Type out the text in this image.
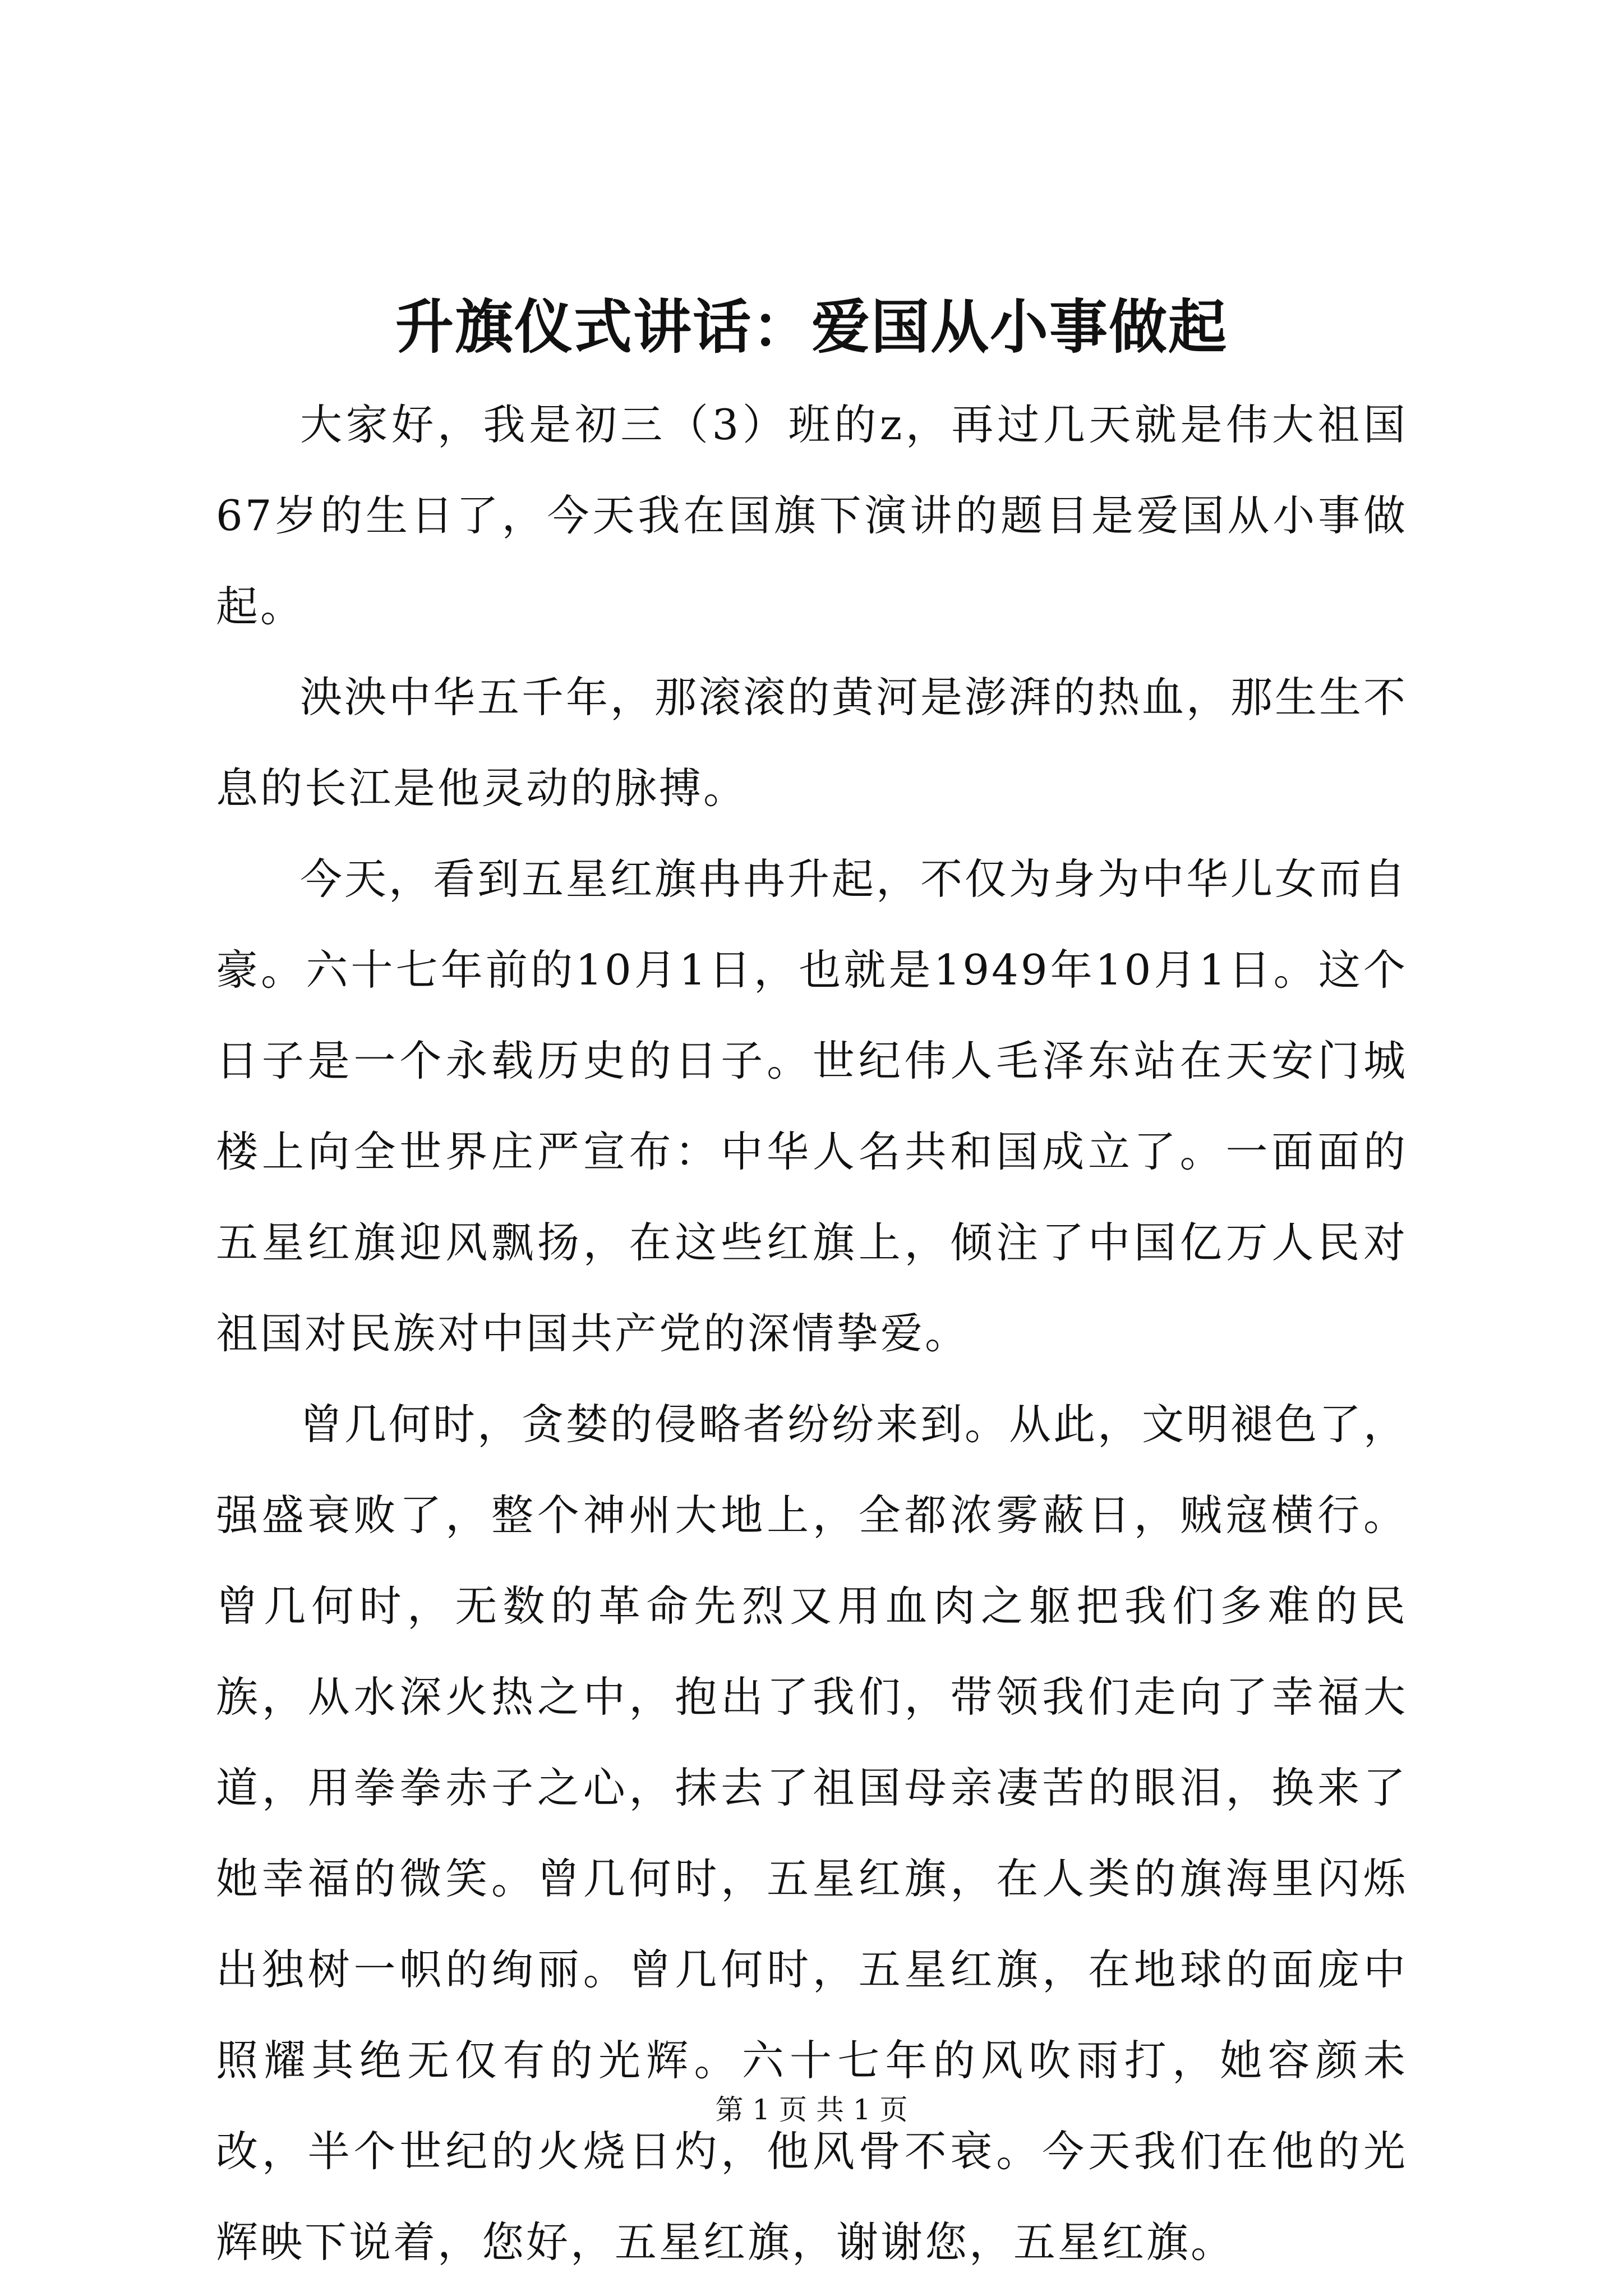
升旗仪式讲话：爱国从小事做起

大家好，我是初三（3）班的z，再过几天就是伟大祖国67岁的生日了，今天我在国旗下演讲的题目是爱国从小事做起。

泱泱中华五千年，那滚滚的黄河是澎湃的热血，那生生不息的长江是他灵动的脉搏。

今天，看到五星红旗冉冉升起，不仅为身为中华儿女而自豪。六十七年前的10月1日，也就是1949年10月1日。这个日子是一个永载历史的日子。世纪伟人毛泽东站在天安门城楼上向全世界庄严宣布：中华人名共和国成立了。一面面的五星红旗迎风飘扬，在这些红旗上，倾注了中国亿万人民对祖国对民族对中国共产党的深情挚爱。

曾几何时，贪婪的侵略者纷纷来到。从此，文明褪色了，强盛衰败了，整个神州大地上，全都浓雾蔽日，贼寇横行。曾几何时，无数的革命先烈又用血肉之躯把我们多难的民族，从水深火热之中，抱出了我们，带领我们走向了幸福大道，用拳拳赤子之心，抹去了祖国母亲凄苦的眼泪，换来了她幸福的微笑。曾几何时，五星红旗，在人类的旗海里闪烁出独树一帜的绚丽。曾几何时，五星红旗，在地球的面庞中照耀其绝无仅有的光辉。六十七年的风吹雨打，她容颜未改，半个世纪的火烧日灼，他风骨不衰。今天我们在他的光辉映下说着，您好，五星红旗，谢谢您，五星红旗。

第 1 页 共 1 页
